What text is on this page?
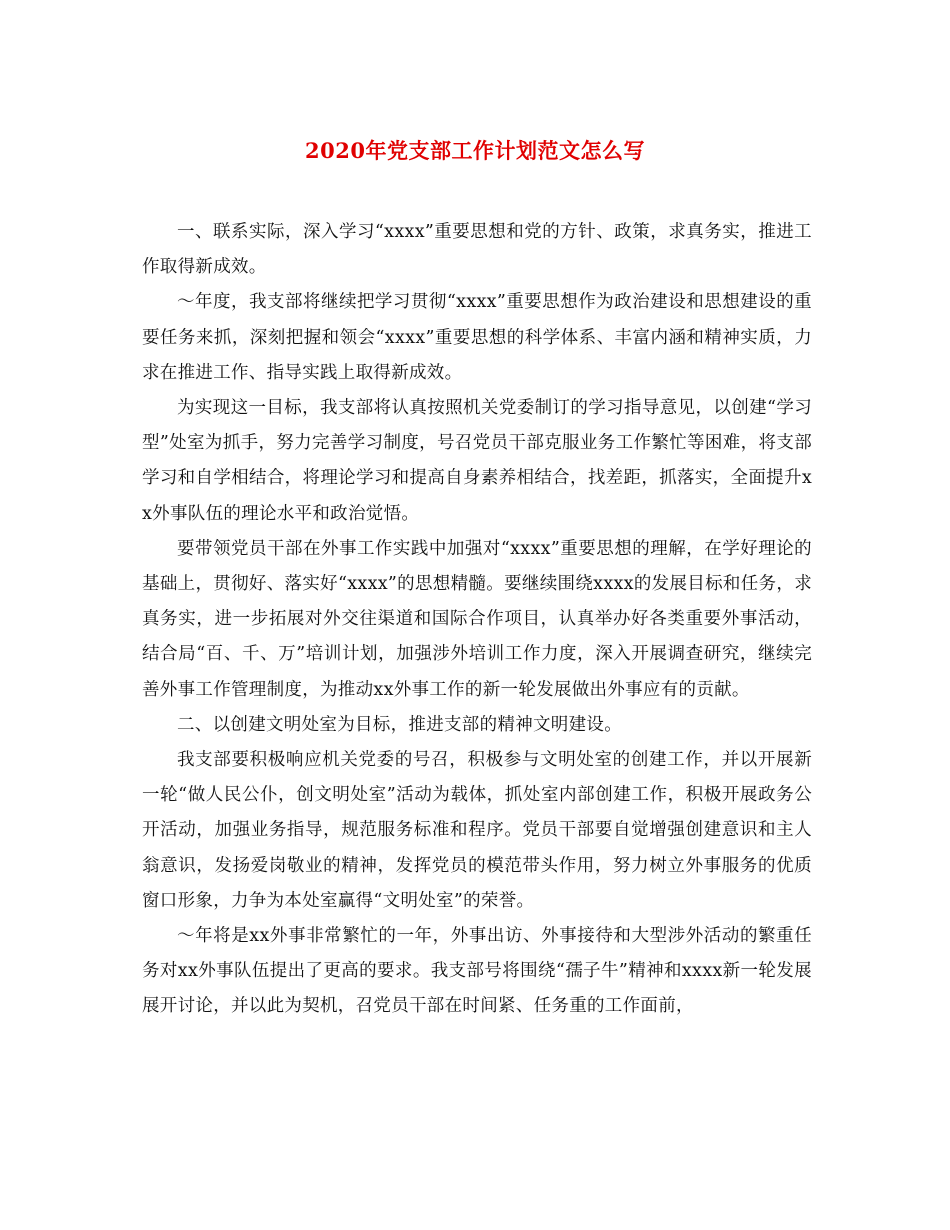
2020年党支部工作计划范文怎么写

一、联系实际，深入学习“xxxx”重要思想和党的方针、政策，求真务实，推进工作取得新成效。

～年度，我支部将继续把学习贯彻“xxxx”重要思想作为政治建设和思想建设的重要任务来抓，深刻把握和领会“xxxx”重要思想的科学体系、丰富内涵和精神实质，力求在推进工作、指导实践上取得新成效。

为实现这一目标，我支部将认真按照机关党委制订的学习指导意见，以创建“学习型”处室为抓手，努力完善学习制度，号召党员干部克服业务工作繁忙等困难，将支部学习和自学相结合，将理论学习和提高自身素养相结合，找差距，抓落实，全面提升xx外事队伍的理论水平和政治觉悟。

要带领党员干部在外事工作实践中加强对“xxxx”重要思想的理解，在学好理论的基础上，贯彻好、落实好“xxxx”的思想精髓。要继续围绕xxxx的发展目标和任务，求真务实，进一步拓展对外交往渠道和国际合作项目，认真举办好各类重要外事活动，结合局“百、千、万”培训计划，加强涉外培训工作力度，深入开展调查研究，继续完善外事工作管理制度，为推动xx外事工作的新一轮发展做出外事应有的贡献。

二、以创建文明处室为目标，推进支部的精神文明建设。

我支部要积极响应机关党委的号召，积极参与文明处室的创建工作，并以开展新一轮“做人民公仆，创文明处室”活动为载体，抓处室内部创建工作，积极开展政务公开活动，加强业务指导，规范服务标准和程序。党员干部要自觉增强创建意识和主人翁意识，发扬爱岗敬业的精神，发挥党员的模范带头作用，努力树立外事服务的优质窗口形象，力争为本处室赢得“文明处室”的荣誉。

～年将是xx外事非常繁忙的一年，外事出访、外事接待和大型涉外活动的繁重任务对xx外事队伍提出了更高的要求。我支部号将围绕“孺子牛”精神和xxxx新一轮发展展开讨论，并以此为契机，召党员干部在时间紧、任务重的工作面前，
